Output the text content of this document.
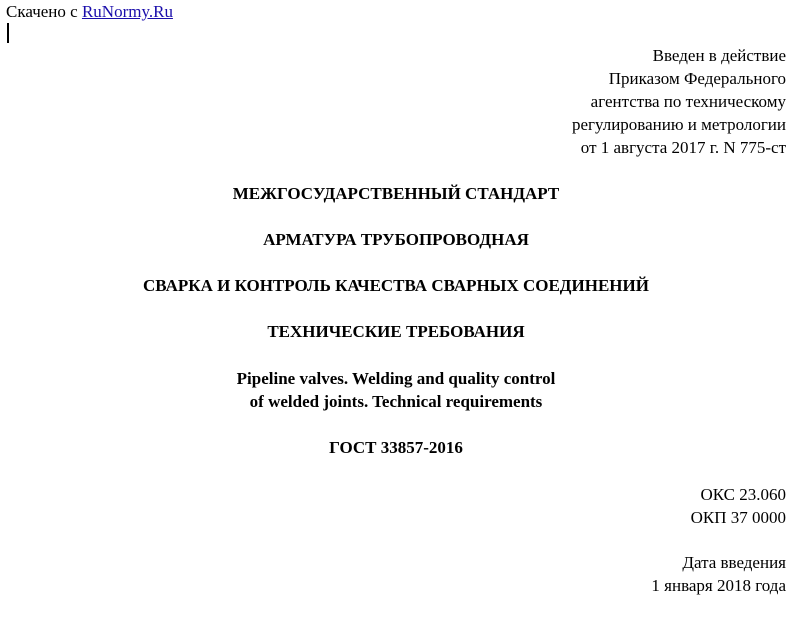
Скачено с RuNormy.Ru
Введен в действие
Приказом Федерального
агентства по техническому
регулированию и метрологии
от 1 августа 2017 г. N 775-ст
МЕЖГОСУДАРСТВЕННЫЙ СТАНДАРТ
АРМАТУРА ТРУБОПРОВОДНАЯ
СВАРКА И КОНТРОЛЬ КАЧЕСТВА СВАРНЫХ СОЕДИНЕНИЙ
ТЕХНИЧЕСКИЕ ТРЕБОВАНИЯ
Pipeline valves. Welding and quality control
of welded joints. Technical requirements
ГОСТ 33857-2016
ОКС 23.060
ОКП 37 0000
Дата введения
1 января 2018 года
